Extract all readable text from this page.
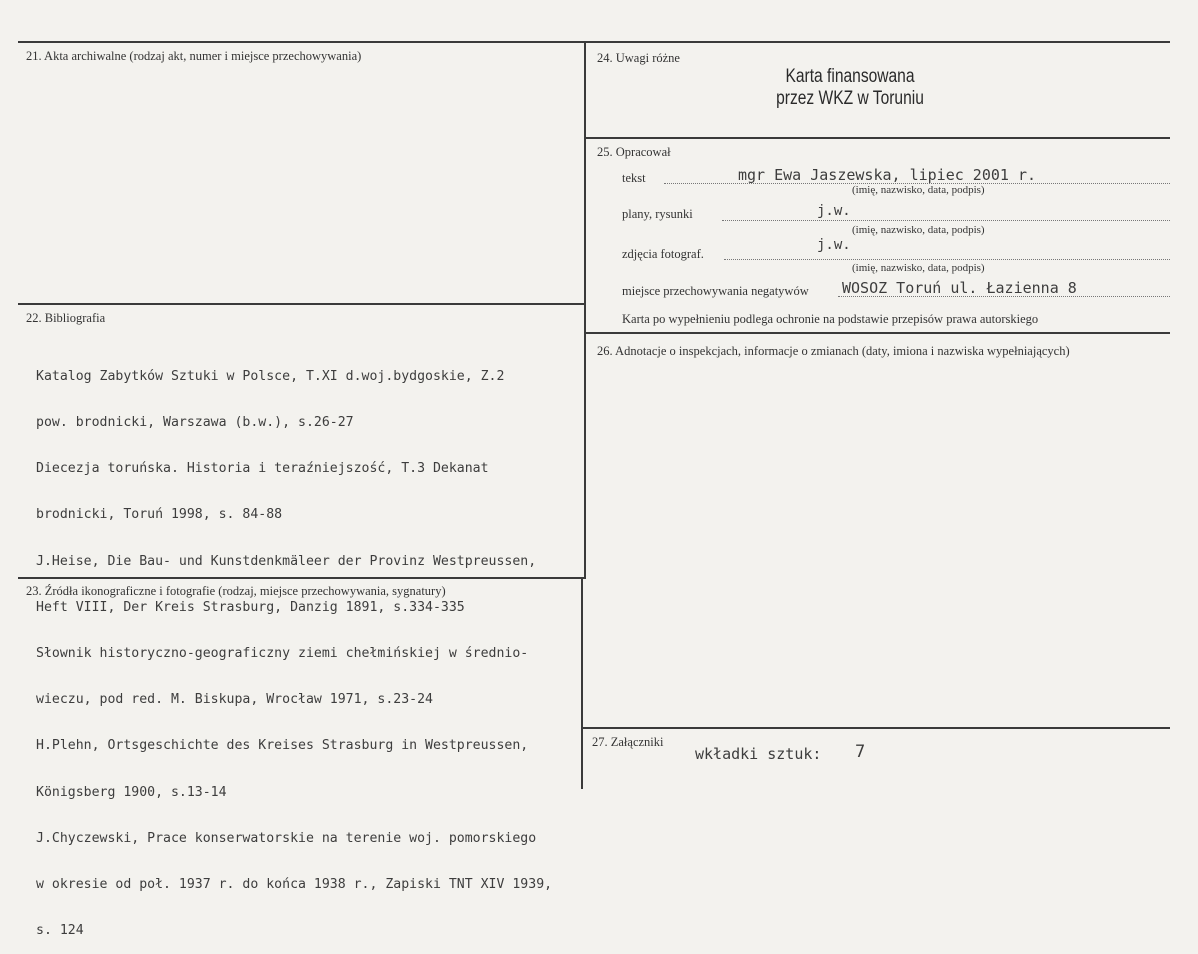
21. Akta archiwalne (rodzaj akt, numer i miejsce przechowywania)
22. Bibliografia

Katalog Zabytków Sztuki w Polsce, T.XI d.woj.bydgoskie, Z.2

pow. brodnicki, Warszawa (b.w.), s.26-27

Diecezja toruńska. Historia i teraźniejszość, T.3 Dekanat

brodnicki, Toruń 1998, s. 84-88

J.Heise, Die Bau- und Kunstdenkmäleer der Provinz Westpreussen,

Heft VIII, Der Kreis Strasburg, Danzig 1891, s.334-335

Słownik historyczno-geograficzny ziemi chełmińskiej w średnio-

wieczu, pod red. M. Biskupa, Wrocław 1971, s.23-24

H.Plehn, Ortsgeschichte des Kreises Strasburg in Westpreussen,

Königsberg 1900, s.13-14

J.Chyczewski, Prace konserwatorskie na terenie woj. pomorskiego

w okresie od poł. 1937 r. do końca 1938 r., Zapiski TNT XIV 1939,

s. 124

23. Źródła ikonograficzne i fotografie (rodzaj, miejsce przechowywania, sygnatury)
24. Uwagi różne
Karta finansowana
przez WKZ w Toruniu
25. Opracował
tekst	mgr Ewa Jaszewska, lipiec 2001 r.
(imię, nazwisko, data, podpis)
plany, rysunki	j.w.
(imię, nazwisko, data, podpis)
zdjęcia fotograf.
j.w.
(imię, nazwisko, data, podpis)
miejsce przechowywania negatywów WOSOZ Toruń ul. Łazienna 8
Karta po wypełnieniu podlega ochronie na podstawie przepisów prawa autorskiego
26. Adnotacje o inspekcjach, informacje o zmianach (daty, imiona i nazwiska wypełniających)
27. Załączniki
wkładki sztuk: 7
